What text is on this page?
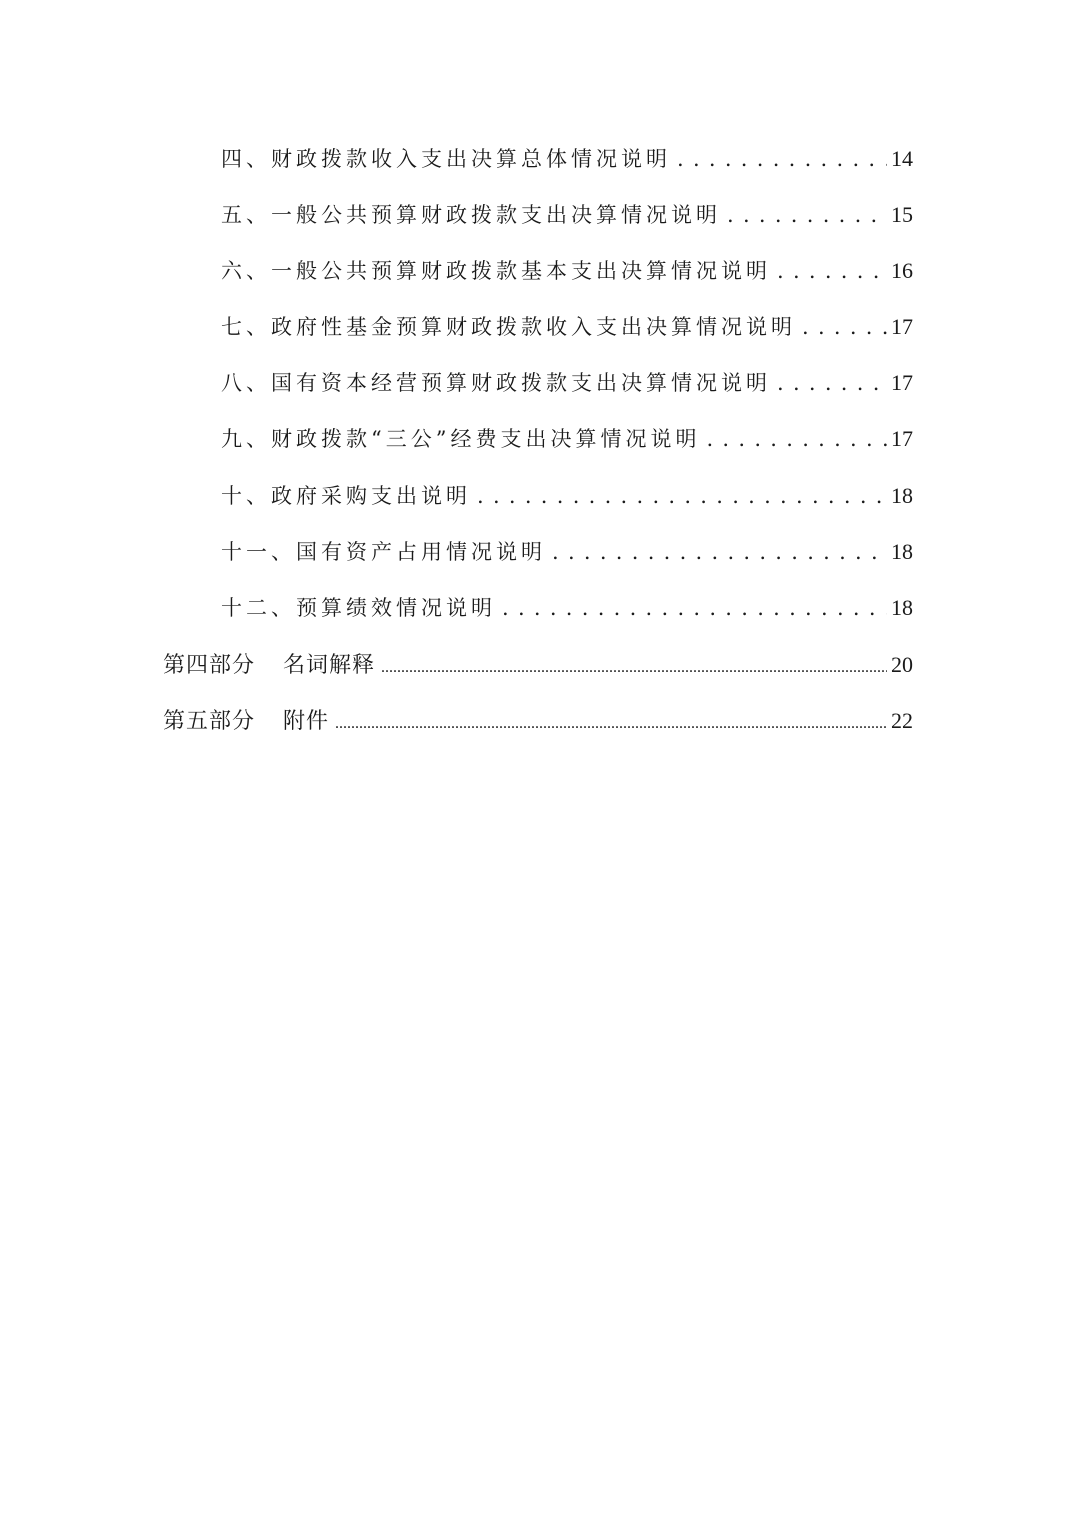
四、财政拨款收入支出决算总体情况说明 . . .	14
五、一般公共预算财政拨款支出决算情况说明 . . .	15
六、一般公共预算财政拨款基本支出决算情况说明 . . .	16
七、政府性基金预算财政拨款收入支出决算情况说明 . . .	17
八、国有资本经营预算财政拨款支出决算情况说明 . . .	17
九、财政拨款“三公”经费支出决算情况说明 . . .	17
十、政府采购支出说明 . . .	18
十一、国有资产占用情况说明 . . .	18
十二、预算绩效情况说明 . . .	18
第四部分 名词解释 .....	20
第五部分 附件 .....	22
